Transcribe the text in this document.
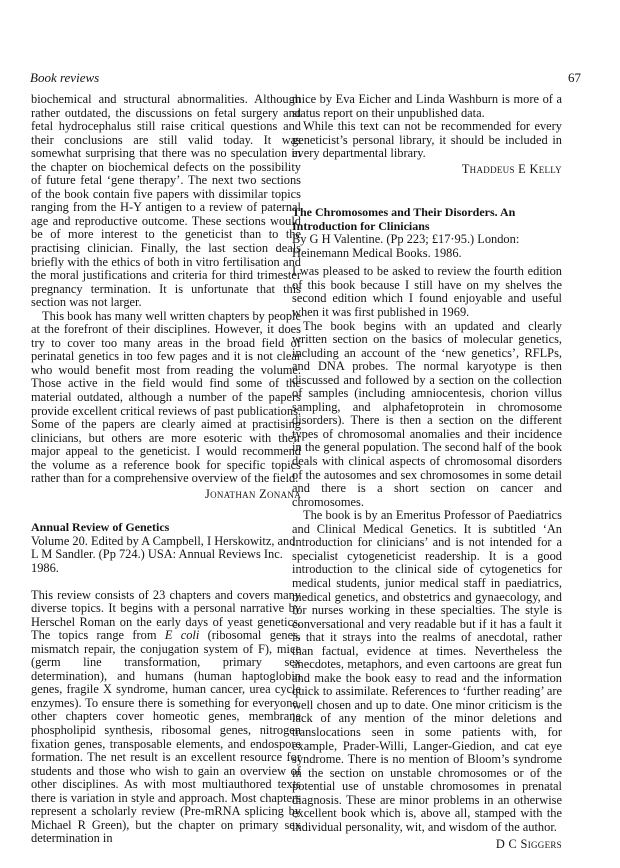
Book reviews	67

biochemical and structural abnormalities. Although rather outdated, the discussions on fetal surgery and fetal hydrocephalus still raise critical questions and their conclusions are still valid today. It was somewhat surprising that there was no speculation in the chapter on biochemical defects on the possibility of future fetal ‘gene therapy’. The next two sections of the book contain five papers with dissimilar topics ranging from the H-Y antigen to a review of paternal age and reproductive outcome. These sections would be of more interest to the geneticist than to the practising clinician. Finally, the last section deals briefly with the ethics of both in vitro fertilisation and the moral justifications and criteria for third trimester pregnancy termination. It is unfortunate that this section was not larger.

This book has many well written chapters by people at the forefront of their disciplines. However, it does try to cover too many areas in the broad field of perinatal genetics in too few pages and it is not clear who would benefit most from reading the volume. Those active in the field would find some of the material outdated, although a number of the papers provide excellent critical reviews of past publications. Some of the papers are clearly aimed at practising clinicians, but others are more esoteric with their major appeal to the geneticist. I would recommend the volume as a reference book for specific topics rather than for a comprehensive overview of the field.

Jonathan Zonana
Annual Review of Genetics
Volume 20. Edited by A Campbell, I Herskowitz, and L M Sandler. (Pp 724.) USA: Annual Reviews Inc. 1986.

This review consists of 23 chapters and covers many diverse topics. It begins with a personal narrative by Herschel Roman on the early days of yeast genetics. The topics range from E coli (ribosomal genes, mismatch repair, the conjugation system of F), mice (germ line transformation, primary sex determination), and humans (human haptoglobin genes, fragile X syndrome, human cancer, urea cycle enzymes). To ensure there is something for everyone, other chapters cover homeotic genes, membrane phospholipid synthesis, ribosomal genes, nitrogen fixation genes, transposable elements, and endospore formation. The net result is an excellent resource for students and those who wish to gain an overview of other disciplines. As with most multiauthored texts there is variation in style and approach. Most chapters represent a scholarly review (Pre-mRNA splicing by Michael R Green), but the chapter on primary sex determination in

mice by Eva Eicher and Linda Washburn is more of a status report on their unpublished data.

While this text can not be recommended for every geneticist’s personal library, it should be included in every departmental library.

Thaddeus E Kelly
The Chromosomes and Their Disorders. An Introduction for Clinicians
By G H Valentine. (Pp 223; £17·95.) London: Heinemann Medical Books. 1986.

I was pleased to be asked to review the fourth edition of this book because I still have on my shelves the second edition which I found enjoyable and useful when it was first published in 1969.

The book begins with an updated and clearly written section on the basics of molecular genetics, including an account of the ‘new genetics’, RFLPs, and DNA probes. The normal karyotype is then discussed and followed by a section on the collection of samples (including amniocentesis, chorion villus sampling, and alphafetoprotein in chromosome disorders). There is then a section on the different types of chromosomal anomalies and their incidence in the general population. The second half of the book deals with clinical aspects of chromosomal disorders of the autosomes and sex chromosomes in some detail and there is a short section on cancer and chromosomes.

The book is by an Emeritus Professor of Paediatrics and Clinical Medical Genetics. It is subtitled ‘An introduction for clinicians’ and is not intended for a specialist cytogeneticist readership. It is a good introduction to the clinical side of cytogenetics for medical students, junior medical staff in paediatrics, medical genetics, and obstetrics and gynaecology, and for nurses working in these specialties. The style is conversational and very readable but if it has a fault it is that it strays into the realms of anecdotal, rather than factual, evidence at times. Nevertheless the anecdotes, metaphors, and even cartoons are great fun and make the book easy to read and the information quick to assimilate. References to ‘further reading’ are well chosen and up to date. One minor criticism is the lack of any mention of the minor deletions and translocations seen in some patients with, for example, Prader-Willi, Langer-Giedion, and cat eye syndrome. There is no mention of Bloom’s syndrome in the section on unstable chromosomes or of the potential use of unstable chromosomes in prenatal diagnosis. These are minor problems in an otherwise excellent book which is, above all, stamped with the individual personality, wit, and wisdom of the author.

D C Siggers
